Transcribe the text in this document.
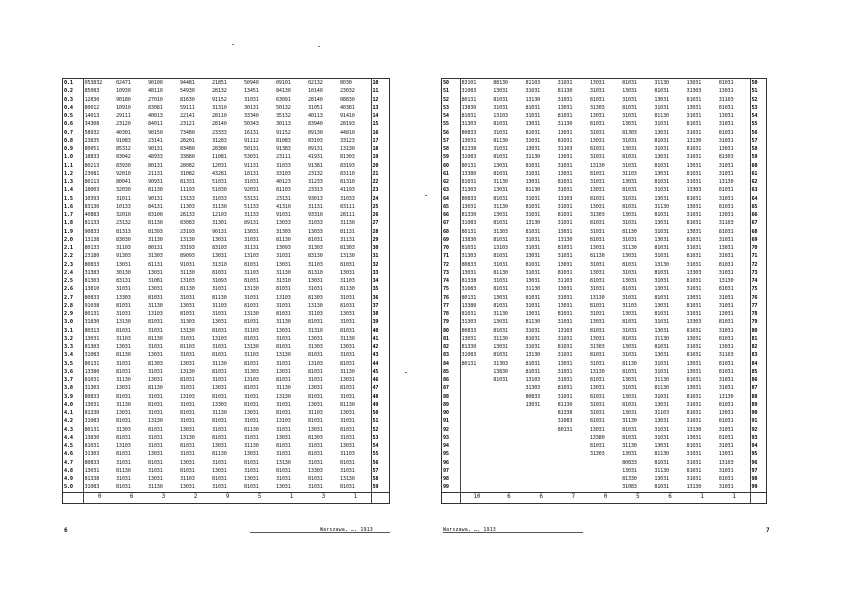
0.1	053832	02471	90100	94481	21851	50940	09101	02132	8030	10
0.2	85083	10930	48110	54930	28132	13451	84130	10140	23032	11
0.3	12830	90180	27010	81630	91152	31031	63091	28140	08830	12
0.4	80012	10910	83081	59111	31310	30131	50132	31051	40381	13
0.5	14013	29111	40013	22141	28110	33340	35132	40113	91410	14
0.6	34308	23120	84011	23121	28140	50343	30113	83940	28193	15
0.7	58932	40301	90150	73480	23333	16131	91152	89130	44810	16
0.8	23835	91083	23141	28201	31283	91112	81083	83103	33123	17
0.9	80051	85312	90131	83480	28300	50131	91383	89131	13130	18
1.0	18833	83042	48933	33880	11081	53031	23111	41931	81303	19
1.1	80213	83930	80131	28082	12031	91131	31033	91381	83193	20
1.2	23081	92010	21131	31082	43281	18131	33103	23132	83110	21
1.3	80113	80041	90931	81331	51031	31031	40123	31233	81310	22
1.4	18003	32030	81130	11193	51030	92031	81103	23313	41193	23
1.5	10393	31011	90131	13133	31033	53131	23131	93013	31033	24
1.6	83130	10133	84131	11303	31130	51133	41310	31131	83111	25
1.7	40883	32010	83100	28133	12103	31133	91031	93310	28111	26
1.8	81133	23132	81130	83083	31301	89131	13033	31033	31130	27
1.9	90833	81313	81393	23193	90131	13031	31303	13033	81131	28
2.0	13138	83030	31130	13130	13031	31031	81130	81031	31131	29
2.1	80133	31103	80131	33193	83103	31131	13093	31303	81303	30
2.2	23180	91303	31303	89093	13031	13103	31031	83130	13130	31
2.3	80833	13031	81131	91031	31310	81031	13031	31103	81031	32
2.4	31383	30130	13031	31130	81031	31103	31130	81310	13031	33
2.5	81303	83131	31081	13103	31093	81031	31310	13031	31103	34
2.6	13810	31031	13031	81130	31031	13130	81031	31031	81130	35
2.7	80833	13303	81031	31031	81130	31031	13103	81303	31031	36
2.8	91038	81031	31130	13031	31103	81031	31031	13130	81031	37
2.9	80131	31031	13103	81031	31031	13130	81031	31103	13031	38
3.0	31830	13130	81031	31303	13031	81031	31130	81031	31031	39
3.1	80313	81031	31031	13130	81031	31103	13031	31310	81031	40
3.2	13031	31103	81130	31031	13103	81031	31031	13031	31130	41
3.3	81303	13031	31031	81103	31031	13130	81031	31303	13031	42
3.4	31083	81130	13031	31031	81031	31103	13130	81031	31031	43
3.5	80131	31031	81303	13031	31130	81031	31031	13103	81031	44
3.6	13380	81031	31031	13130	81031	31303	13031	81031	31130	45
3.7	81031	31130	13031	81031	31031	13103	81031	31031	13031	46
3.8	31303	13031	81130	31031	13031	81031	31130	13031	81031	47
3.9	80833	81031	31031	13103	81031	31031	13130	81031	31031	48
4.0	13031	31130	81031	31031	13303	81031	31031	13031	81130	49
4.1	81330	13031	31031	81031	31130	13031	81031	31103	13031	50
4.2	31083	81031	13130	31031	81031	31031	13103	81031	31031	51
4.3	80131	31303	81031	13031	31031	81130	31031	13031	81031	52
4.4	13830	81031	31031	13130	81031	31031	13031	81303	31031	53
4.5	81031	13103	31031	81031	13031	31130	81031	31031	13031	54
4.6	31303	81031	13031	31031	81130	13031	31031	81031	31103	55
4.7	80833	31031	81031	13031	31031	81031	13130	31031	81031	56
4.8	13031	81130	31031	81031	13031	31031	81031	13303	31031	57
4.9	81338	31031	13031	31103	81031	13031	31031	81031	13130	58
5.0	31083	81031	31130	13031	31031	81031	13031	31031	81031	59
	0	6	3	2	9	5	1	3	1	
6	Warszawa, …, 1913
50	83101	88130	81103	31031	13031	81031	31130	13031	81031	50
51	31083	13031	31031	81130	31031	13031	81031	31303	13031	51
52	80131	81031	13130	31031	81031	31031	13031	81031	31103	52
53	13830	31031	81031	13031	31303	81031	31031	13031	81031	53
54	81031	13103	31031	81031	13031	31031	81130	31031	13031	54
55	31303	81031	13031	31130	81031	13031	31031	81031	31031	55
56	80833	31031	81031	13031	31031	81303	13031	31031	81031	56
57	13031	81130	31031	81031	13031	31031	81031	13130	31031	57
58	81338	31031	13031	31103	81031	13031	31031	81031	13031	58
59	31083	81031	31130	13031	31031	81031	13031	31031	81303	59
60	80131	13031	81031	31031	13130	31031	81031	13031	31031	60
61	13380	81031	31031	13031	81031	31103	13031	81031	31031	61
62	81031	31130	13031	81031	31031	13031	81031	31031	13130	62
63	31303	13031	81130	31031	13031	81031	31031	13303	81031	63
64	80833	81031	31031	13103	81031	31031	13031	81031	31031	64
65	13031	31130	81031	31031	13031	81031	31130	13031	81031	65
66	81330	13031	31031	81031	31303	13031	81031	31031	13031	66
67	31083	81031	13130	31031	81031	31031	13031	81031	31103	67
68	80131	31303	81031	13031	31031	81130	31031	13031	81031	68
69	13830	81031	31031	13130	81031	31031	13031	81031	31031	69
70	81031	13103	31031	81031	13031	31130	81031	31031	13031	70
71	31303	81031	13031	31031	81130	13031	31031	81031	31031	71
72	80833	31031	81031	13031	31031	81031	13130	31031	81031	72
73	13031	81130	31031	81031	13031	31031	81031	13303	31031	73
74	81338	31031	13031	31103	81031	13031	31031	81031	13130	74
75	31083	81031	31130	13031	31031	81031	13031	31031	81031	75
76	80131	13031	81031	31031	13130	31031	81031	13031	31031	76
77	13380	81031	31031	13031	81031	31103	13031	81031	31031	77
78	81031	31130	13031	81031	31031	13031	81031	31031	13031	78
79	31303	13031	81130	31031	13031	81031	31031	13303	81031	79
80	80833	81031	31031	13103	81031	31031	13031	81031	31031	80
81	13031	31130	81031	31031	13031	81031	31130	13031	81031	81
82	81330	13031	31031	81031	31303	13031	81031	31031	13031	82
83	31083	81031	13130	31031	81031	31031	13031	81031	31103	83
84	80131	31303	81031	13031	31031	81130	31031	13031	81031	84
85		13830	81031	31031	13130	81031	31031	13031	81031	85
86		81031	13103	31031	81031	13031	31130	81031	31031	86
87			31303	81031	13031	31031	81130	13031	31031	87
88			80833	31031	81031	13031	31031	81031	13130	88
89			13031	81130	31031	81031	13031	31031	81031	89
90				81338	31031	13031	31103	81031	13031	90
91				31083	81031	31130	13031	31031	81031	91
92				80131	13031	81031	31031	13130	31031	92
93					13380	81031	31031	13031	81031	93
94					81031	31130	13031	81031	31031	94
95					31303	13031	81130	31031	13031	95
96						80833	81031	31031	13103	96
97						13031	31130	81031	31031	97
98						81330	13031	31031	81031	98
99						31083	81031	13130	31031	99
	10	6	6	7	0	5	6	1	1	
Warszawa, …, 1913	7
